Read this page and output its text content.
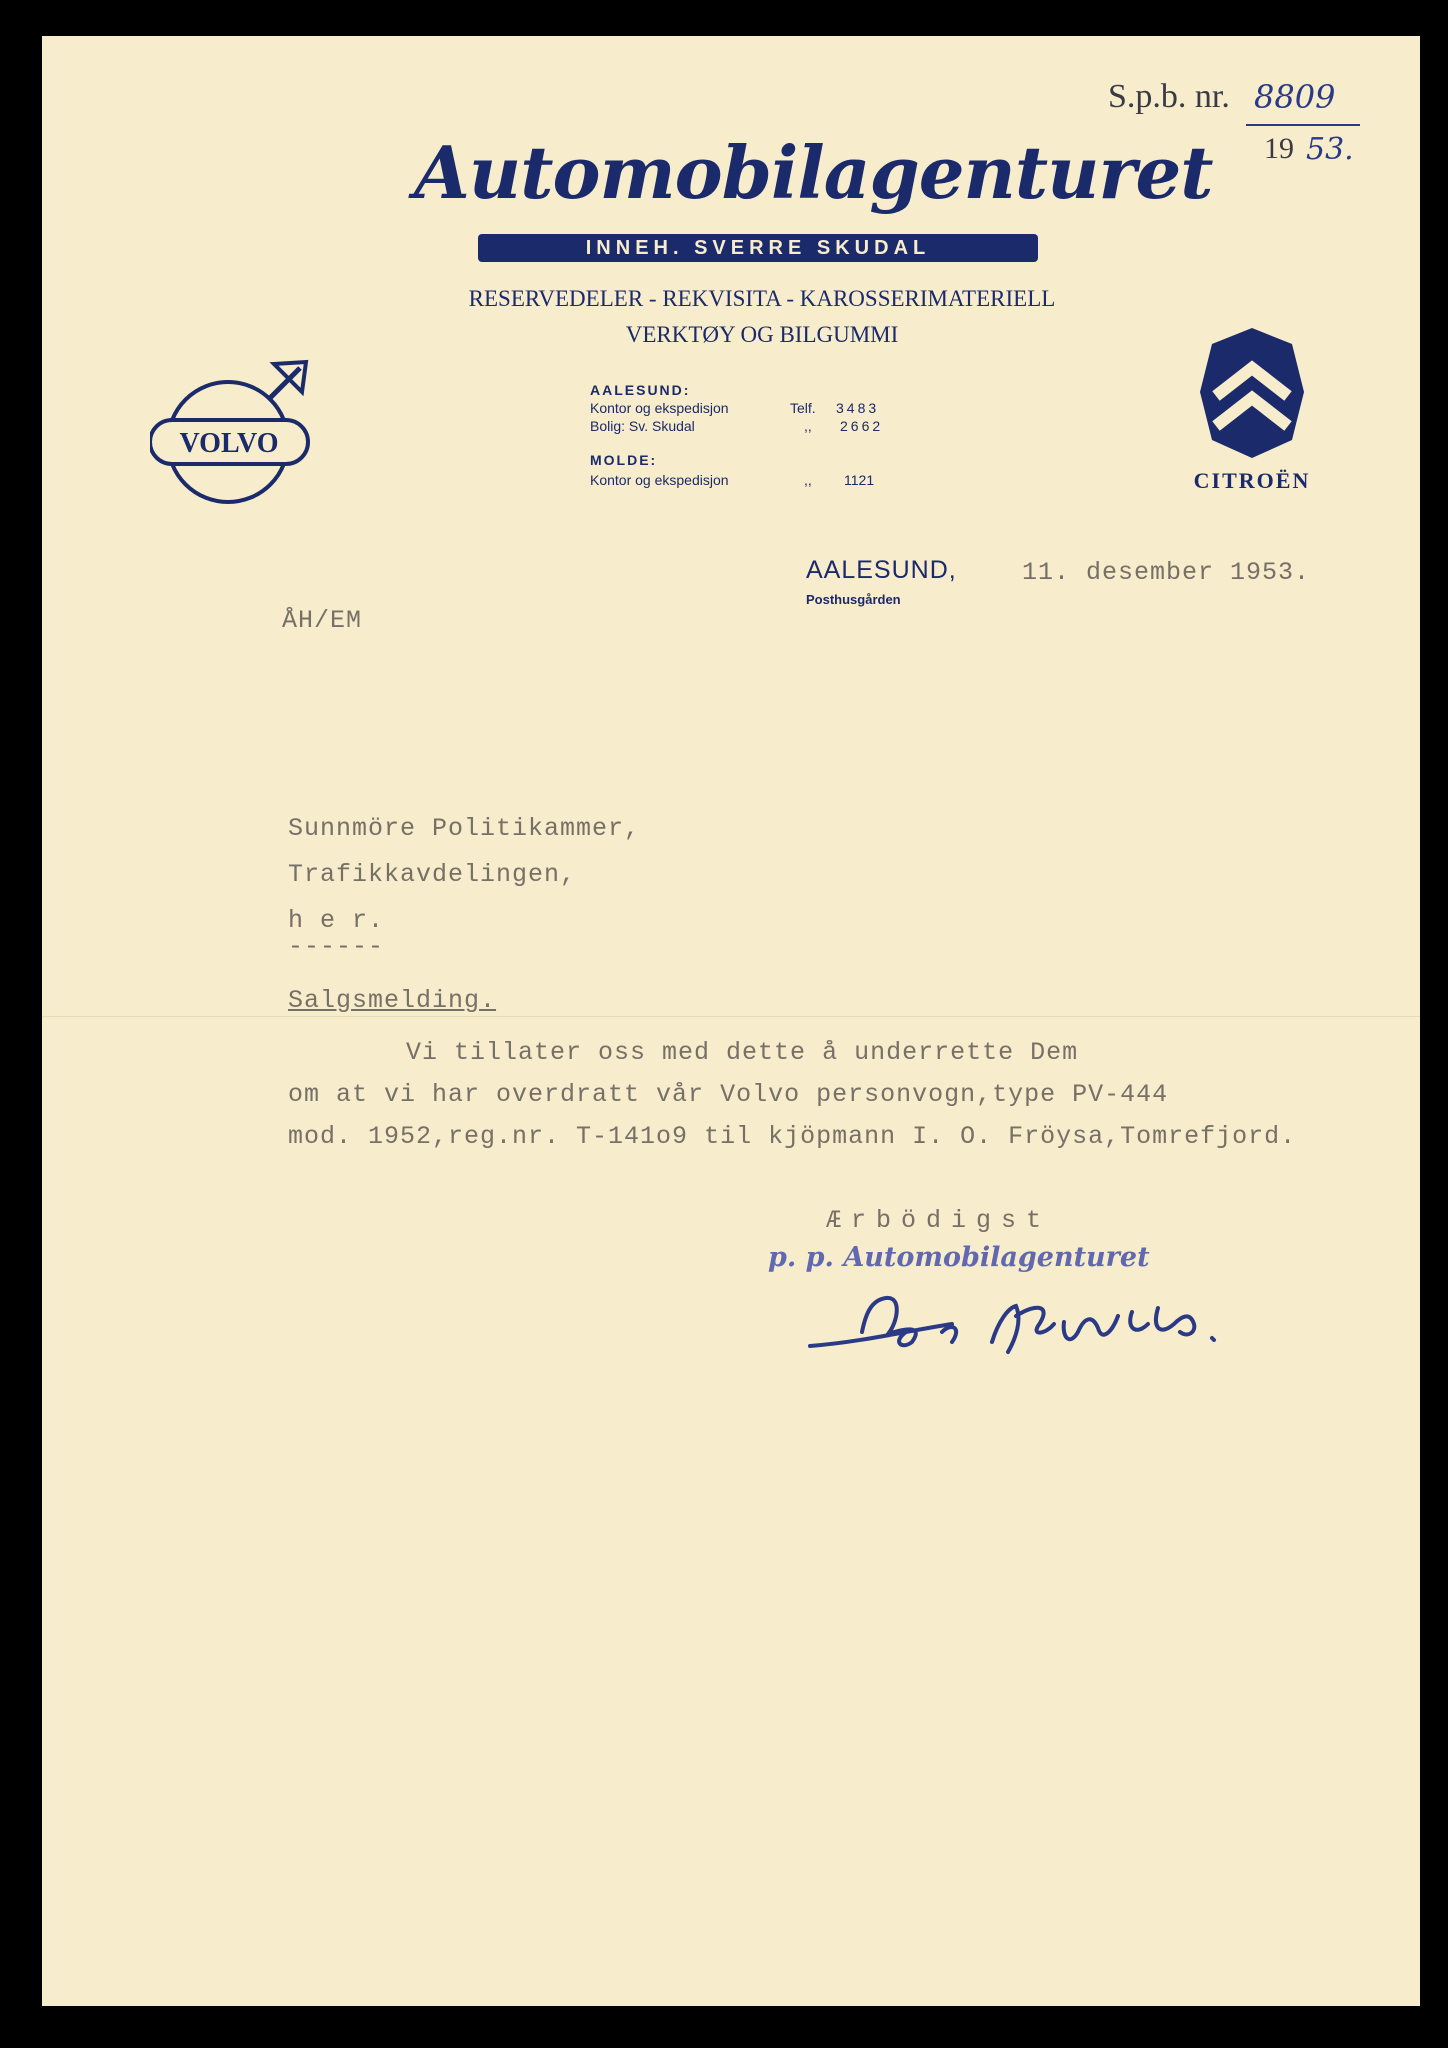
S.p.b. nr. 8809
19 53.
Automobilagenturet
INNEH. SVERRE SKUDAL
RESERVEDELER - REKVISITA - KAROSSERIMATERIELL
VERKTØY OG BILGUMMI
VOLVO
AALESUND:
Kontor og ekspedisjon	Telf. 3483
Bolig: Sv. Skudal	,, 2662
MOLDE:
Kontor og ekspedisjon	,, 1121	CITROËN
AALESUND,
Posthusgården
11. desember 1953.
ÅH/EM
Sunnmöre Politikammer,
Trafikkavdelingen,
h e r.
------
Salgsmelding.
Vi tillater oss med dette å underrette Dem
om at vi har overdratt vår Volvo personvogn,type PV-444
mod. 1952,reg.nr. T-141o9 til kjöpmann I. O. Fröysa,Tomrefjord.
Ærbödigst
p. p. Automobilagenturet
